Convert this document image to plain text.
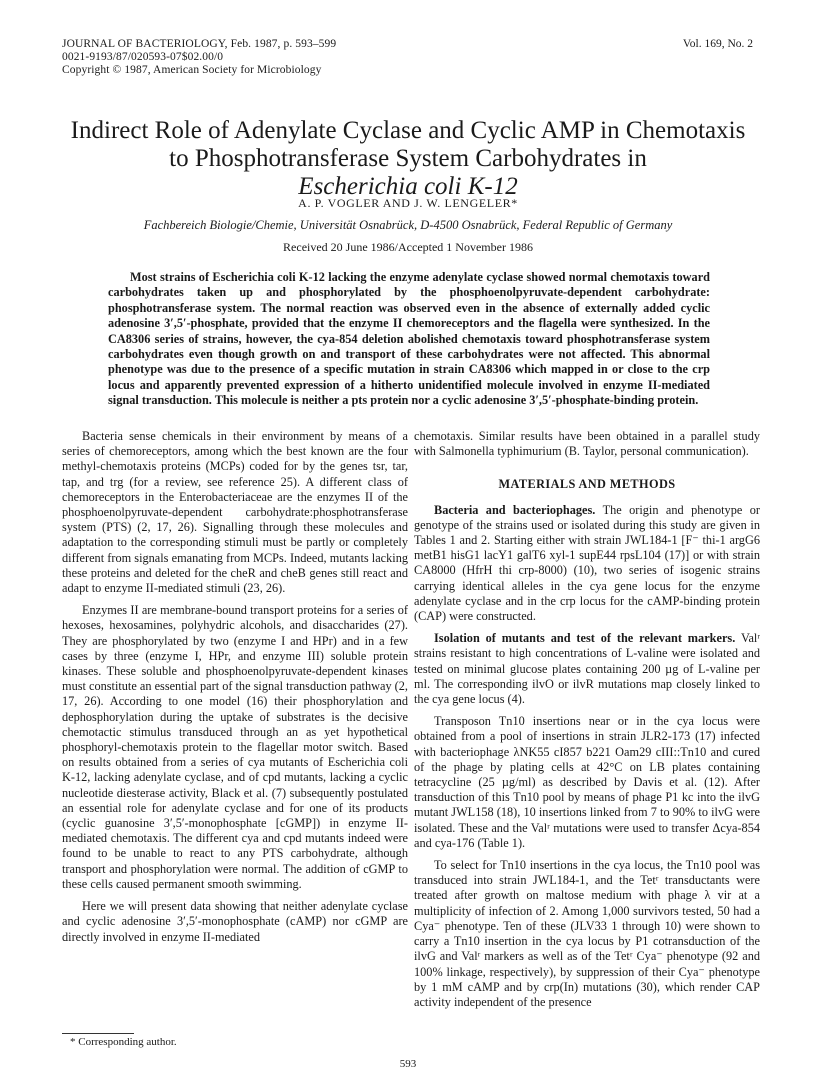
JOURNAL OF BACTERIOLOGY, Feb. 1987, p. 593–599
0021-9193/87/020593-07$02.00/0
Copyright © 1987, American Society for Microbiology
Vol. 169, No. 2
Indirect Role of Adenylate Cyclase and Cyclic AMP in Chemotaxis
to Phosphotransferase System Carbohydrates in
Escherichia coli K-12
A. P. VOGLER AND J. W. LENGELER*
Fachbereich Biologie/Chemie, Universität Osnabrück, D-4500 Osnabrück, Federal Republic of Germany
Received 20 June 1986/Accepted 1 November 1986

Most strains of Escherichia coli K-12 lacking the enzyme adenylate cyclase showed normal chemotaxis toward carbohydrates taken up and phosphorylated by the phosphoenolpyruvate-dependent carbohydrate: phosphotransferase system. The normal reaction was observed even in the absence of externally added cyclic adenosine 3′,5′-phosphate, provided that the enzyme II chemoreceptors and the flagella were synthesized. In the CA8306 series of strains, however, the cya-854 deletion abolished chemotaxis toward phosphotransferase system carbohydrates even though growth on and transport of these carbohydrates were not affected. This abnormal phenotype was due to the presence of a specific mutation in strain CA8306 which mapped in or close to the crp locus and apparently prevented expression of a hitherto unidentified molecule involved in enzyme II-mediated signal transduction. This molecule is neither a pts protein nor a cyclic adenosine 3′,5′-phosphate-binding protein.

Bacteria sense chemicals in their environment by means of a series of chemoreceptors, among which the best known are the four methyl-chemotaxis proteins (MCPs) coded for by the genes tsr, tar, tap, and trg (for a review, see reference 25). A different class of chemoreceptors in the Enterobacteriaceae are the enzymes II of the phosphoenolpyruvate-dependent carbohydrate:phosphotransferase system (PTS) (2, 17, 26). Signalling through these molecules and adaptation to the corresponding stimuli must be partly or completely different from signals emanating from MCPs. Indeed, mutants lacking these proteins and deleted for the cheR and cheB genes still react and adapt to enzyme II-mediated stimuli (23, 26).

Enzymes II are membrane-bound transport proteins for a series of hexoses, hexosamines, polyhydric alcohols, and disaccharides (27). They are phosphorylated by two (enzyme I and HPr) and in a few cases by three (enzyme I, HPr, and enzyme III) soluble protein kinases. These soluble and phosphoenolpyruvate-dependent kinases must constitute an essential part of the signal transduction pathway (2, 17, 26). According to one model (16) their phosphorylation and dephosphorylation during the uptake of substrates is the decisive chemotactic stimulus transduced through an as yet hypothetical phosphoryl-chemotaxis protein to the flagellar motor switch. Based on results obtained from a series of cya mutants of Escherichia coli K-12, lacking adenylate cyclase, and of cpd mutants, lacking a cyclic nucleotide diesterase activity, Black et al. (7) subsequently postulated an essential role for adenylate cyclase and for one of its products (cyclic guanosine 3′,5′-monophosphate [cGMP]) in enzyme II-mediated chemotaxis. The different cya and cpd mutants indeed were found to be unable to react to any PTS carbohydrate, although transport and phosphorylation were normal. The addition of cGMP to these cells caused permanent smooth swimming.

Here we will present data showing that neither adenylate cyclase and cyclic adenosine 3′,5′-monophosphate (cAMP) nor cGMP are directly involved in enzyme II-mediated

chemotaxis. Similar results have been obtained in a parallel study with Salmonella typhimurium (B. Taylor, personal communication).

MATERIALS AND METHODS

Bacteria and bacteriophages. The origin and phenotype or genotype of the strains used or isolated during this study are given in Tables 1 and 2. Starting either with strain JWL184-1 [F⁻ thi-1 argG6 metB1 hisG1 lacY1 galT6 xyl-1 supE44 rpsL104 (17)] or with strain CA8000 (HfrH thi crp-8000) (10), two series of isogenic strains carrying identical alleles in the cya gene locus for the enzyme adenylate cyclase and in the crp locus for the cAMP-binding protein (CAP) were constructed.

Isolation of mutants and test of the relevant markers. Valʳ strains resistant to high concentrations of L-valine were isolated and tested on minimal glucose plates containing 200 µg of L-valine per ml. The corresponding ilvO or ilvR mutations map closely linked to the cya gene locus (4).

Transposon Tn10 insertions near or in the cya locus were obtained from a pool of insertions in strain JLR2-173 (17) infected with bacteriophage λNK55 cI857 b221 Oam29 cIII::Tn10 and cured of the phage by plating cells at 42°C on LB plates containing tetracycline (25 µg/ml) as described by Davis et al. (12). After transduction of this Tn10 pool by means of phage P1 kc into the ilvG mutant JWL158 (18), 10 insertions linked from 7 to 90% to ilvG were isolated. These and the Valʳ mutations were used to transfer Δcya-854 and cya-176 (Table 1).

To select for Tn10 insertions in the cya locus, the Tn10 pool was transduced into strain JWL184-1, and the Tetʳ transductants were treated after growth on maltose medium with phage λ vir at a multiplicity of infection of 2. Among 1,000 survivors tested, 50 had a Cya⁻ phenotype. Ten of these (JLV33 1 through 10) were shown to carry a Tn10 insertion in the cya locus by P1 cotransduction of the ilvG and Valʳ markers as well as of the Tetʳ Cya⁻ phenotype (92 and 100% linkage, respectively), by suppression of their Cya⁻ phenotype by 1 mM cAMP and by crp(In) mutations (30), which render CAP activity independent of the presence

* Corresponding author.
593
